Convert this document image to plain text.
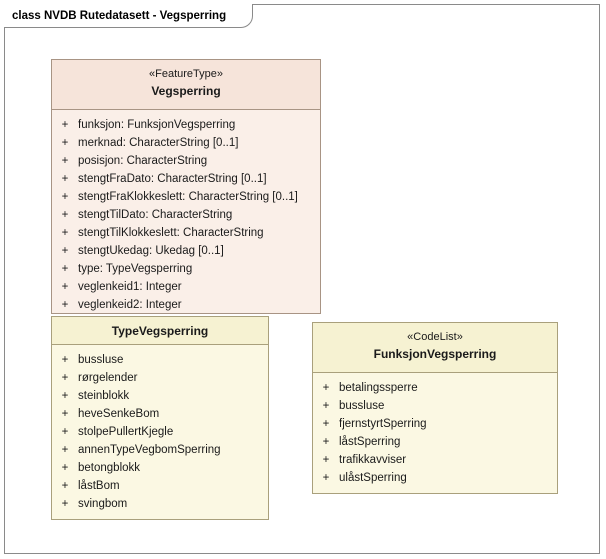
class NVDB Rutedatasett - Vegsperring
«FeatureType»
Vegsperring
+ funksjon: FunksjonVegsperring
+ merknad: CharacterString [0..1]
+ posisjon: CharacterString
+ stengtFraDato: CharacterString [0..1]
+ stengtFraKlokkeslett: CharacterString [0..1]
+ stengtTilDato: CharacterString
+ stengtTilKlokkeslett: CharacterString
+ stengtUkedag: Ukedag [0..1]
+ type: TypeVegsperring
+ veglenkeid1: Integer
+ veglenkeid2: Integer
TypeVegsperring
+ bussluse
+ rørgelender
+ steinblokk
+ heveSenkeBom
+ stolpePullertKjegle
+ annenTypeVegbomSperring
+ betongblokk
+ låstBom
+ svingbom
«CodeList»
FunksjonVegsperring
+ betalingssperre
+ bussluse
+ fjernstyrtSperring
+ låstSperring
+ trafikkavviser
+ ulåstSperring
